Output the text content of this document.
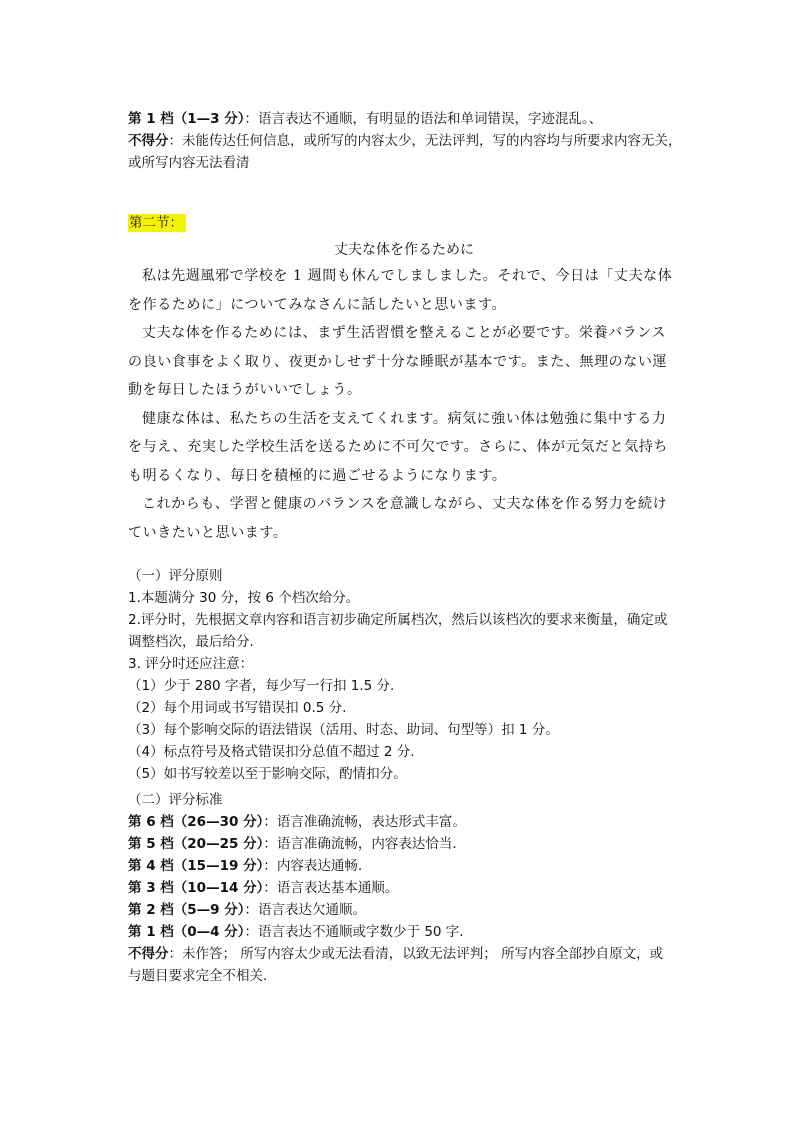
第 1 档（1—3 分）：语言表达不通顺，有明显的语法和单词错误，字迹混乱。、
不得分：未能传达任何信息，或所写的内容太少，无法评判，写的内容均与所要求内容无关，
或所写内容无法看清
第二节：
丈夫な体を作るために

私は先週風邪で学校を 1 週間も休んでしましました。それで、今日は「丈夫な体を作るために」についてみなさんに話したいと思います。

丈夫な体を作るためには、まず生活習慣を整えることが必要です。栄養バランスの良い食事をよく取り、夜更かしせず十分な睡眠が基本です。また、無理のない運動を毎日したほうがいいでしょう。

健康な体は、私たちの生活を支えてくれます。病気に強い体は勉強に集中する力を与え、充実した学校生活を送るために不可欠です。さらに、体が元気だと気持ちも明るくなり、毎日を積極的に過ごせるようになります。

これからも、学習と健康のバランスを意識しながら、丈夫な体を作る努力を続けていきたいと思います。

（一）评分原则
1.本题满分 30 分，按 6 个档次给分。
2.评分时，先根据文章内容和语言初步确定所属档次，然后以该档次的要求来衡量，确定或
调整档次，最后给分.
3. 评分时还应注意：
（1）少于 280 字者，每少写一行扣 1.5 分.
（2）每个用词或书写错误扣 0.5 分.
（3）每个影响交际的语法错误（活用、时态、助词、句型等）扣 1 分。
（4）标点符号及格式错误扣分总值不超过 2 分.
（5）如书写较差以至于影响交际，酌情扣分。
（二）评分标准
第 6 档（26—30 分）：语言准确流畅，表达形式丰富。
第 5 档（20—25 分）：语言准确流畅，内容表达恰当.
第 4 档（15—19 分）：内容表达通畅.
第 3 档（10—14 分）：语言表达基本通顺。
第 2 档（5—9 分）：语言表达欠通顺。
第 1 档（0—4 分）：语言表达不通顺或字数少于 50 字.
不得分：未作答； 所写内容太少或无法看清，以致无法评判； 所写内容全部抄自原文，或
与题目要求完全不相关.
